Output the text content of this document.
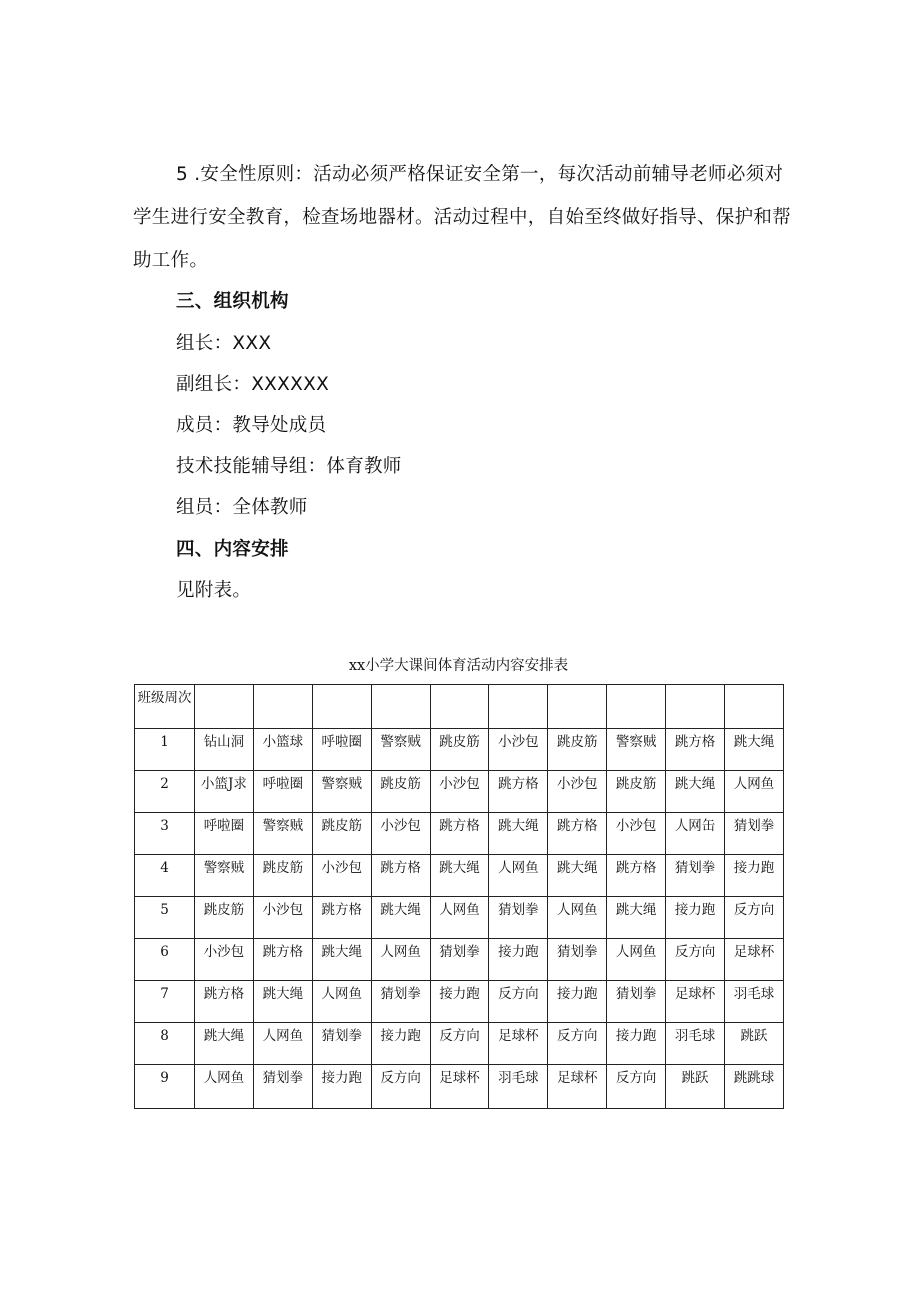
5 .安全性原则：活动必须严格保证安全第一，每次活动前辅导老师必须对学生进行安全教育，检查场地器材。活动过程中，自始至终做好指导、保护和帮助工作。
三、组织机构
组长：XXX
副组长：XXXXXX
成员：教导处成员
技术技能辅导组：体育教师
组员：全体教师
四、内容安排
见附表。
xx小学大课间体育活动内容安排表
班级周次										
1	钻山洞	小篮球	呼啦圈	警察贼	跳皮筋	小沙包	跳皮筋	警察贼	跳方格	跳大绳
2	小篮J求	呼啦圈	警察贼	跳皮筋	小沙包	跳方格	小沙包	跳皮筋	跳大绳	人网鱼
3	呼啦圈	警察贼	跳皮筋	小沙包	跳方格	跳大绳	跳方格	小沙包	人网缶	猜划拳
4	警察贼	跳皮筋	小沙包	跳方格	跳大绳	人网鱼	跳大绳	跳方格	猜划拳	接力跑
5	跳皮筋	小沙包	跳方格	跳大绳	人网鱼	猜划拳	人网鱼	跳大绳	接力跑	反方向
6	小沙包	跳方格	跳大绳	人网鱼	猜划拳	接力跑	猜划拳	人网鱼	反方向	足球杯
7	跳方格	跳大绳	人网鱼	猜划拳	接力跑	反方向	接力跑	猜划拳	足球杯	羽毛球
8	跳大绳	人网鱼	猜划拳	接力跑	反方向	足球杯	反方向	接力跑	羽毛球	跳跃
9	人网鱼	猜划拳	接力跑	反方向	足球杯	羽毛球	足球杯	反方向	跳跃	跳跳球
